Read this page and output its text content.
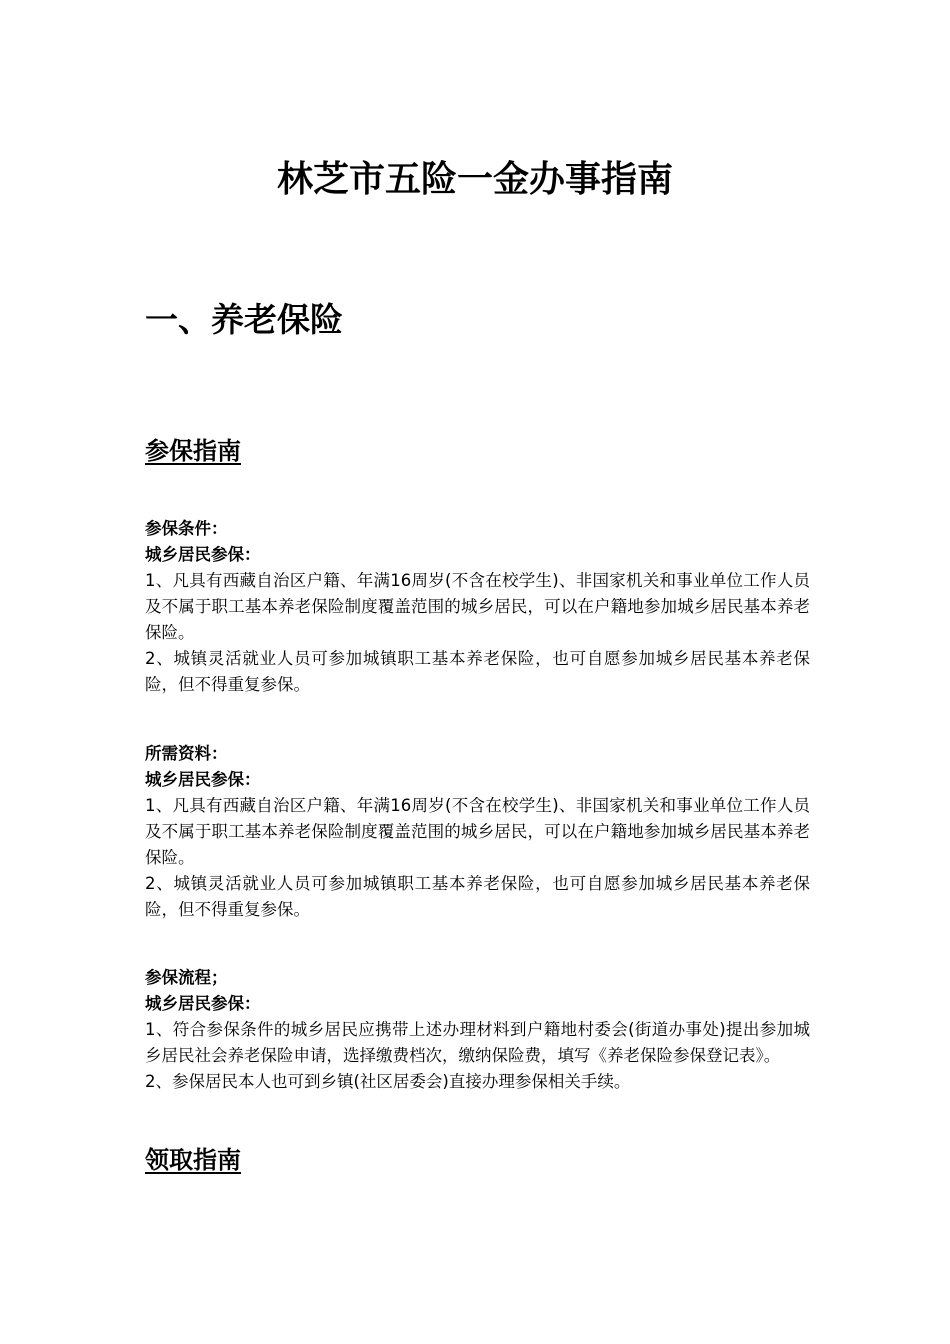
林芝市五险一金办事指南
一、养老保险
参保指南
参保条件：
城乡居民参保：
1、凡具有西藏自治区户籍、年满16周岁(不含在校学生)、非国家机关和事业单位工作人员及不属于职工基本养老保险制度覆盖范围的城乡居民，可以在户籍地参加城乡居民基本养老保险。
2、城镇灵活就业人员可参加城镇职工基本养老保险，也可自愿参加城乡居民基本养老保险，但不得重复参保。
所需资料：
城乡居民参保：
1、凡具有西藏自治区户籍、年满16周岁(不含在校学生)、非国家机关和事业单位工作人员及不属于职工基本养老保险制度覆盖范围的城乡居民，可以在户籍地参加城乡居民基本养老保险。
2、城镇灵活就业人员可参加城镇职工基本养老保险，也可自愿参加城乡居民基本养老保险，但不得重复参保。
参保流程；
城乡居民参保：
1、符合参保条件的城乡居民应携带上述办理材料到户籍地村委会(街道办事处)提出参加城乡居民社会养老保险申请，选择缴费档次，缴纳保险费，填写《养老保险参保登记表》。
2、参保居民本人也可到乡镇(社区居委会)直接办理参保相关手续。
领取指南
